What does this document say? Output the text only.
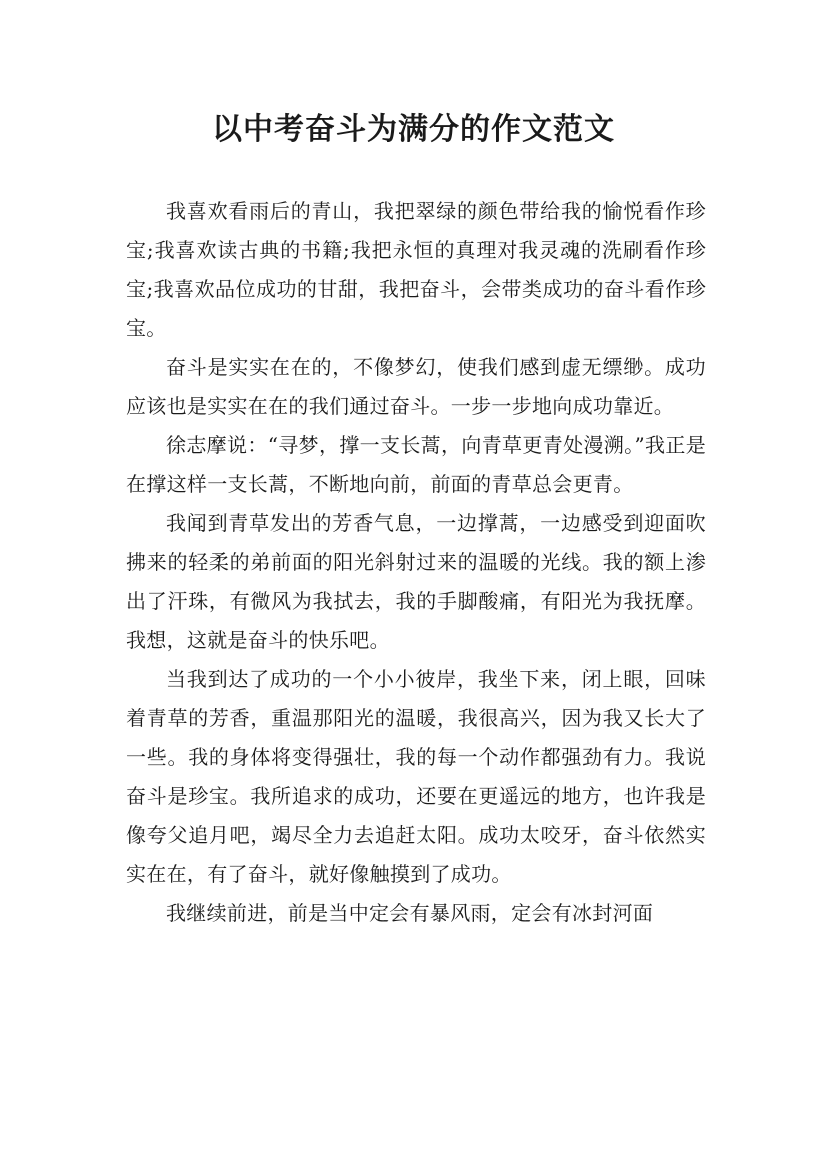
以中考奋斗为满分的作文范文

我喜欢看雨后的青山，我把翠绿的颜色带给我的愉悦看作珍宝;我喜欢读古典的书籍;我把永恒的真理对我灵魂的洗刷看作珍宝;我喜欢品位成功的甘甜，我把奋斗，会带类成功的奋斗看作珍宝。

奋斗是实实在在的，不像梦幻，使我们感到虚无缥缈。成功应该也是实实在在的我们通过奋斗。一步一步地向成功靠近。

徐志摩说：“寻梦，撑一支长蒿，向青草更青处漫溯。”我正是在撑这样一支长蒿，不断地向前，前面的青草总会更青。

我闻到青草发出的芳香气息，一边撑蒿，一边感受到迎面吹拂来的轻柔的弟前面的阳光斜射过来的温暖的光线。我的额上渗出了汗珠，有微风为我拭去，我的手脚酸痛，有阳光为我抚摩。我想，这就是奋斗的快乐吧。

当我到达了成功的一个小小彼岸，我坐下来，闭上眼，回味着青草的芳香，重温那阳光的温暖，我很高兴，因为我又长大了一些。我的身体将变得强壮，我的每一个动作都强劲有力。我说奋斗是珍宝。我所追求的成功，还要在更遥远的地方，也许我是像夸父追月吧，竭尽全力去追赶太阳。成功太咬牙，奋斗依然实实在在，有了奋斗，就好像触摸到了成功。

我继续前进，前是当中定会有暴风雨，定会有冰封河面
